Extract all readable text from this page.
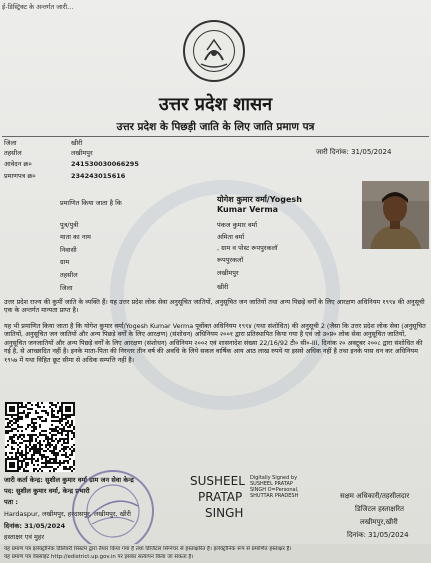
ई-डिस्ट्रिक्ट के अन्तर्गत जारी...
उत्तर प्रदेश शासन
उत्तर प्रदेश के पिछड़ी जाति के लिए जाति प्रमाण पत्र
जिला	खीरी
तहसील	लखीमपुर
आवेदन क्र०	241530030066295
प्रमाणपत्र क्र०	234243015616
जारी दिनांक: 31/05/2024
प्रमाणित किया जाता है कि	योगेश कुमार वर्मा/Yogesh
Kumar Verma
पुत्र/पुत्री	पंकज कुमार वर्मा
माता का नाम	अमिता वर्मा
निवासी	, ग्राम व पोस्ट रूपपुरकलॉ
ग्राम	रूपपुरकलॉ
तहसील	लखीमपुर
जिला	खीरी
उत्तर प्रदेश राज्य की कुर्मी जाति के व्यक्ति हैं। यह उत्तर प्रदेश लोक सेवा अनुसूचित जातियों, अनुसूचित जन जातियों तथा अन्य पिछड़े वर्गों के लिए आरक्षण अधिनियम १९९४ की अनुसूची एक के अन्तर्गत मान्यता प्राप्त है।
यह भी प्रमाणित किया जाता है कि योगेश कुमार वर्मा/Yogesh Kumar Verma पूर्वोक्त अधिनियम १९९४ (यथा संशोधित) की अनुसूची 2 (जैसा कि उत्तर प्रदेश लोक सेवा (अनुसूचित जातियों, अनुसूचित जन जातियों और अन्य पिछड़े वर्गों के लिए आरक्षण) (संशोधन) अधिनियम २००१ द्वारा प्रतिस्थापित किया गया है एवं जो उ०प्र० लोक सेवा अनुसूचित जातियों, अनुसूचित जनजातियों और अन्य पिछड़े वर्गों के लिए आरक्षण (संशोधन) अधिनियम २००२ एवं शासनादेश संख्या 22/16/92 टी० सी०-III, दिनांक २० अक्टूबर २००८ द्वारा संशोधित की गई है, से आच्छादित नहीं है। इनके माता-पिता की निरन्तर तीन वर्ष की अवधि के लिये सकल वार्षिक आय आठ लाख रुपये या इससे अधिक नहीं है तथा इनके पास धन कर अधिनियम १९५७ में यथा विहित छूट सीमा से अधिक सम्पत्ति नहीं है।
जारी कर्ता केन्द्र: सुशील कुमार वर्मा ग्राम जन सेवा केन्द्र
पद: सुशील कुमार वर्मा, केन्द्र प्रभारी
पता :
Hardaspur, लखीमपुर, हरदासपुर, लखीमपुर, खीरी
दिनांक: 31/05/2024
हस्ताक्षर एवं मुहर
SUSHEEL
PRATAP
SINGH
Digitally Signed by SUSHEEL PRATAP SINGH O=Personal, SHUTTAR PRADESH	सक्षम अधिकारी/तहसीलदार
डिजिटल हस्ताक्षरित
लखीमपुर,खीरी
दिनांक: 31/05/2024
यह प्रमाण पत्र इलेक्ट्रॉनिक डिलिवरी सिस्टम द्वारा तैयार किया गया है तथा डिजिटल सिग्नेचर से हस्ताक्षरित है। इलेक्ट्रॉनिक रूप से प्रमाणित हस्ताक्षर है।
यह प्रमाण पत्र वेबसाइट http://edistrict.up.gov.in पर इसका सत्यापन किया जा सकता है।
